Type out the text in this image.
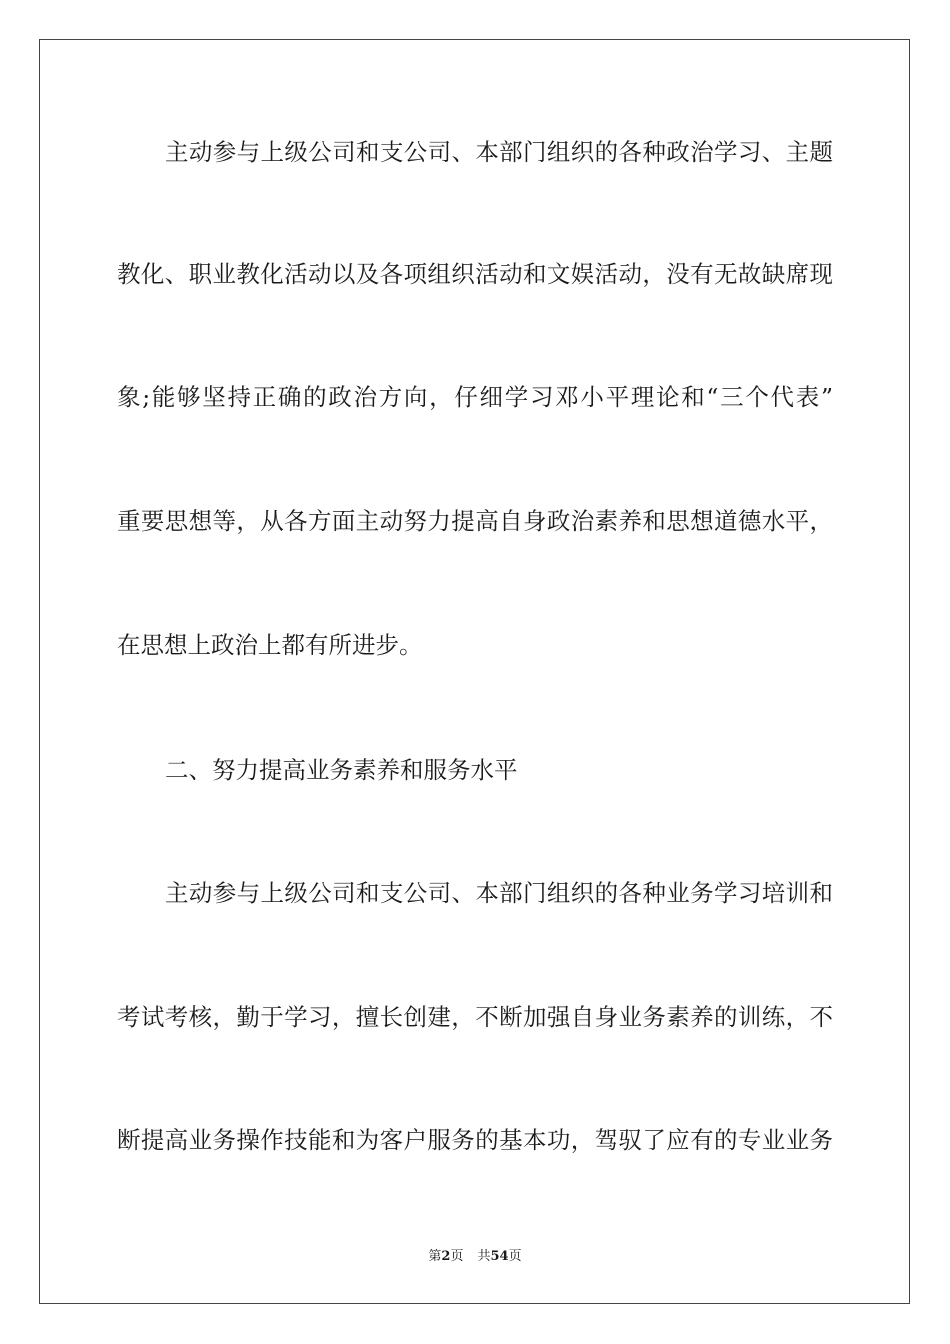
主动参与上级公司和支公司、本部门组织的各种政治学习、主题
教化、职业教化活动以及各项组织活动和文娱活动，没有无故缺席现
象;能够坚持正确的政治方向，仔细学习邓小平理论和“三个代表”
重要思想等，从各方面主动努力提高自身政治素养和思想道德水平，
在思想上政治上都有所进步。
二、努力提高业务素养和服务水平
主动参与上级公司和支公司、本部门组织的各种业务学习培训和
考试考核，勤于学习，擅长创建，不断加强自身业务素养的训练，不
断提高业务操作技能和为客户服务的基本功，驾驭了应有的专业业务
第2页 共54页
